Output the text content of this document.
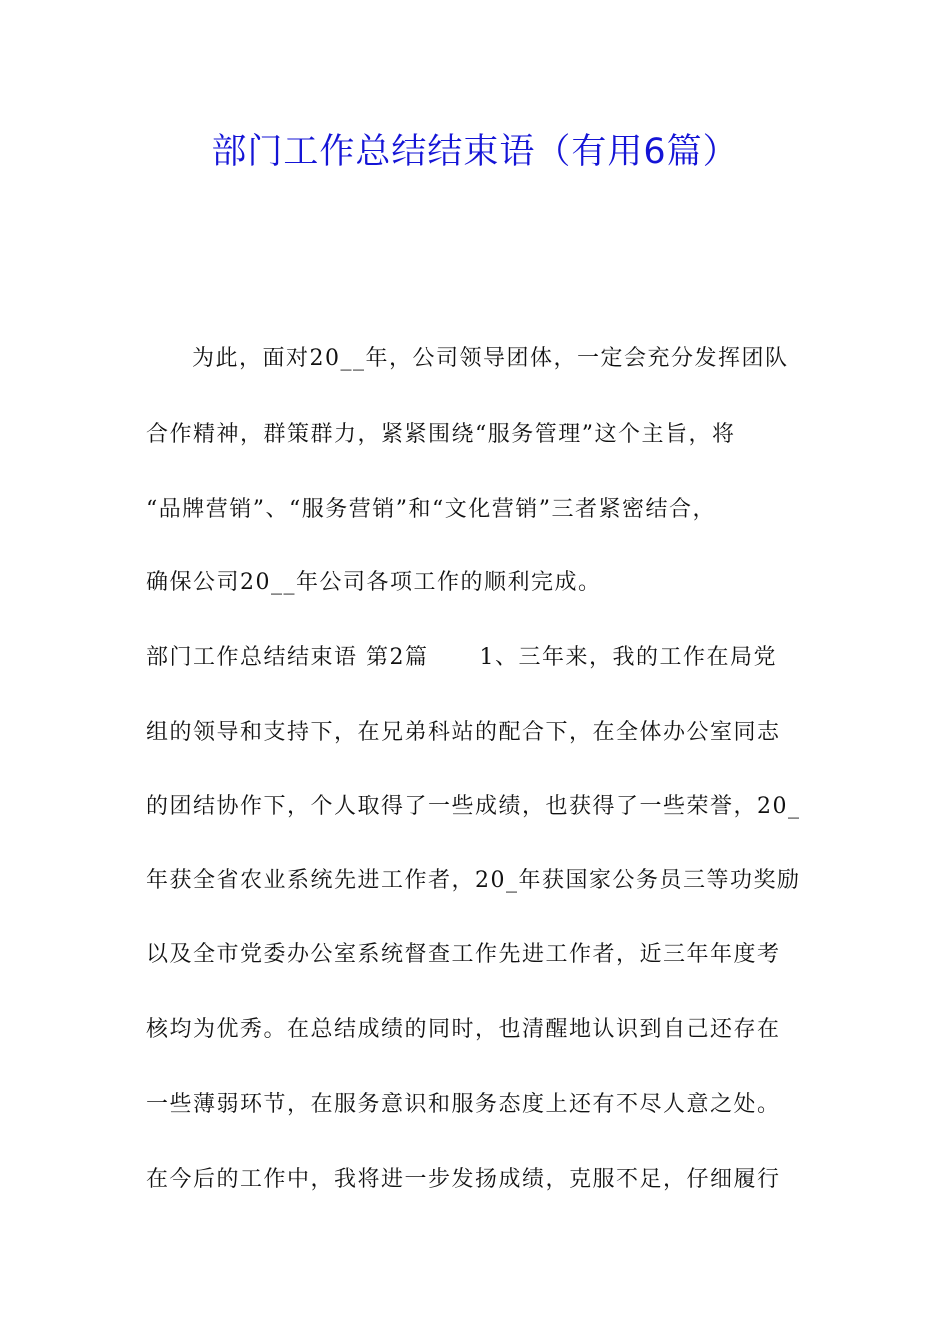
部门工作总结结束语（有用6篇）
为此，面对20__年，公司领导团体，一定会充分发挥团队
合作精神，群策群力，紧紧围绕“服务管理”这个主旨，将
“品牌营销”、“服务营销”和“文化营销”三者紧密结合，
确保公司20__年公司各项工作的顺利完成。
部门工作总结结束语 第2篇      1、三年来，我的工作在局党
组的领导和支持下，在兄弟科站的配合下，在全体办公室同志
的团结协作下，个人取得了一些成绩，也获得了一些荣誉，20_
年获全省农业系统先进工作者，20_年获国家公务员三等功奖励
以及全市党委办公室系统督查工作先进工作者，近三年年度考
核均为优秀。在总结成绩的同时，也清醒地认识到自己还存在
一些薄弱环节，在服务意识和服务态度上还有不尽人意之处。
在今后的工作中，我将进一步发扬成绩，克服不足，仔细履行
